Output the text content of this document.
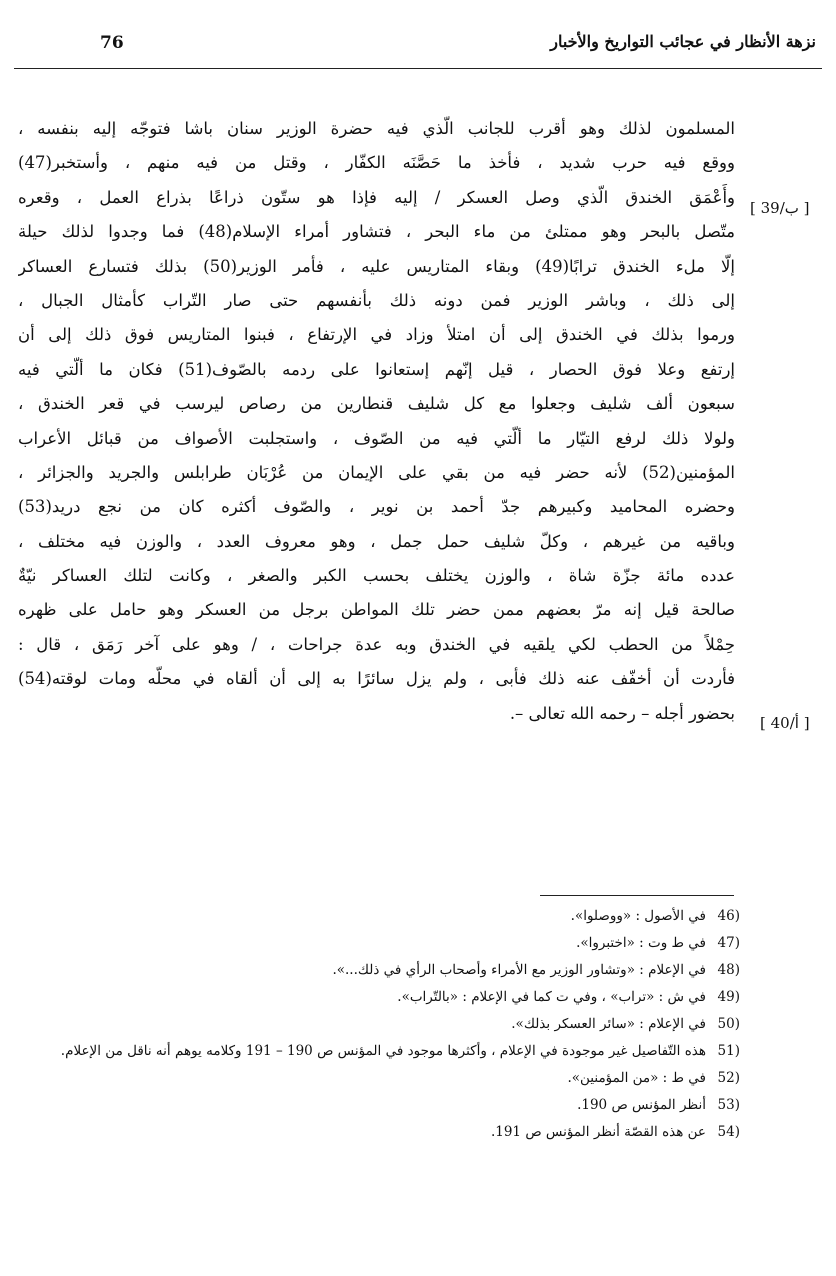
76	نزهة الأنظار في عجائب التواريخ والأخبار
[ 39/ب ]
[ 40/أ ]
المسلمون لذلك وهو أقرب للجانب الّذي فيه حضرة الوزير سنان باشا فتوجّه إليه بنفسه ،
ووقع فيه حرب شديد ، فأخذ ما حَصَّنَه الكفّار ، وقتل من فيه منهم ، وأستخبر(47)
وأَعْمَق الخندق الّذي وصل العسكر / إليه فإذا هو ستّون ذراعًا بذراع العمل ، وقعره
متّصل بالبحر وهو ممتلئ من ماء البحر ، فتشاور أمراء الإسلام(48) فما وجدوا لذلك حيلة
إلّا ملء الخندق ترابًا(49) وبقاء المتاريس عليه ، فأمر الوزير(50) بذلك فتسارع العساكر
إلى ذلك ، وباشر الوزير فمن دونه ذلك بأنفسهم حتى صار التّراب كأمثال الجبال ،
ورموا بذلك في الخندق إلى أن امتلأ وزاد في الإرتفاع ، فبنوا المتاريس فوق ذلك إلى أن
إرتفع وعلا فوق الحصار ، قيل إنّهم إستعانوا على ردمه بالصّوف(51) فكان ما ألّتي فيه
سبعون ألف شليف وجعلوا مع كل شليف قنطارين من رصاص ليرسب في قعر الخندق ،
ولولا ذلك لرفع التيّار ما ألّتي فيه من الصّوف ، واستجلبت الأصواف من قبائل الأعراب
المؤمنين(52) لأنه حضر فيه من بقي على الإيمان من عُرْبَان طرابلس والجريد والجزائر ،
وحضره المحاميد وكبيرهم جدّ أحمد بن نوير ، والصّوف أكثره كان من نجع دريد(53)
وباقيه من غيرهم ، وكلّ شليف حمل جمل ، وهو معروف العدد ، والوزن فيه مختلف ،
عدده مائة جزّة شاة ، والوزن يختلف بحسب الكبر والصغر ، وكانت لتلك العساكر نيّةٌ
صالحة قيل إنه مرّ بعضهم ممن حضر تلك المواطن برجل من العسكر وهو حامل على ظهره
حِمْلاً من الحطب لكي يلقيه في الخندق وبه عدة جراحات ، / وهو على آخر رَمَق ، قال :
فأردت أن أخفّف عنه ذلك فأبى ، ولم يزل سائرًا به إلى أن ألقاه في محلّه ومات لوقته(54)
بحضور أجله – رحمه الله تعالى –.
46)
في الأصول : «ووصلوا».
47)
في ط وت : «اختبروا».
48)
في الإعلام : «وتشاور الوزير مع الأمراء وأصحاب الرأي في ذلك...».
49)
في ش : «تراب» ، وفي ت كما في الإعلام : «بالتّراب».
50)
في الإعلام : «سائر العسكر بذلك».
51)
هذه التّفاصيل غير موجودة في الإعلام ، وأكثرها موجود في المؤنس ص 190 – 191 وكلامه يوهم أنه ناقل من الإعلام.
52)
في ط : «من المؤمنين».
53)
أنظر المؤنس ص 190.
54)
عن هذه القصّة أنظر المؤنس ص 191.
